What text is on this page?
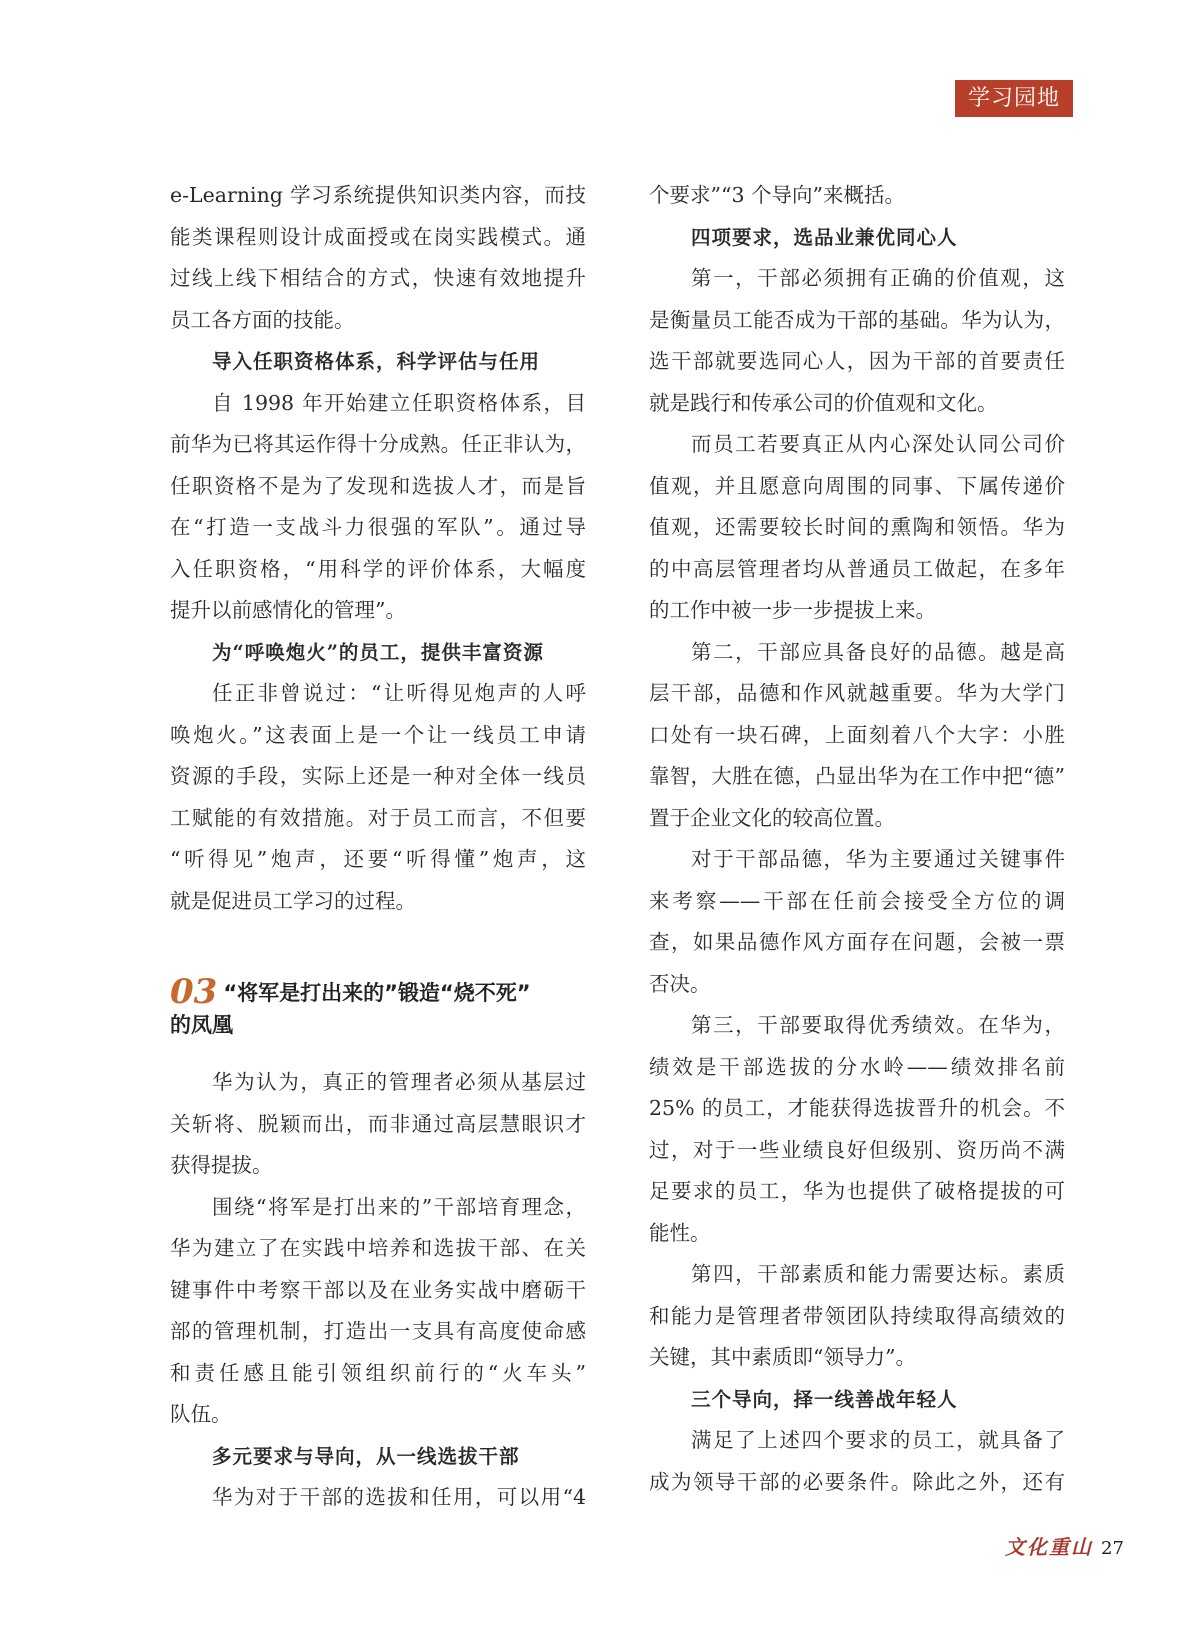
学习园地
e-Learning 学习系统提供知识类内容，而技
能类课程则设计成面授或在岗实践模式。通
过线上线下相结合的方式，快速有效地提升
员工各方面的技能。
导入任职资格体系，科学评估与任用
自 1998 年开始建立任职资格体系，目
前华为已将其运作得十分成熟。任正非认为，
任职资格不是为了发现和选拔人才，而是旨
在“打造一支战斗力很强的军队”。通过导
入任职资格，“用科学的评价体系，大幅度
提升以前感情化的管理”。
为“呼唤炮火”的员工，提供丰富资源
任正非曾说过：“让听得见炮声的人呼
唤炮火。”这表面上是一个让一线员工申请
资源的手段，实际上还是一种对全体一线员
工赋能的有效措施。对于员工而言，不但要
“听得见”炮声，还要“听得懂”炮声，这
就是促进员工学习的过程。
03 “将军是打出来的”锻造“烧不死”
的凤凰
华为认为，真正的管理者必须从基层过
关斩将、脱颖而出，而非通过高层慧眼识才
获得提拔。
围绕“将军是打出来的”干部培育理念，
华为建立了在实践中培养和选拔干部、在关
键事件中考察干部以及在业务实战中磨砺干
部的管理机制，打造出一支具有高度使命感
和责任感且能引领组织前行的“火车头”
队伍。
多元要求与导向，从一线选拔干部
华为对于干部的选拔和任用，可以用“4
个要求”“3 个导向”来概括。
四项要求，选品业兼优同心人
第一，干部必须拥有正确的价值观，这
是衡量员工能否成为干部的基础。华为认为，
选干部就要选同心人，因为干部的首要责任
就是践行和传承公司的价值观和文化。
而员工若要真正从内心深处认同公司价
值观，并且愿意向周围的同事、下属传递价
值观，还需要较长时间的熏陶和领悟。华为
的中高层管理者均从普通员工做起，在多年
的工作中被一步一步提拔上来。
第二，干部应具备良好的品德。越是高
层干部，品德和作风就越重要。华为大学门
口处有一块石碑，上面刻着八个大字：小胜
靠智，大胜在德，凸显出华为在工作中把“德”
置于企业文化的较高位置。
对于干部品德，华为主要通过关键事件
来考察——干部在任前会接受全方位的调
查，如果品德作风方面存在问题，会被一票
否决。
第三，干部要取得优秀绩效。在华为，
绩效是干部选拔的分水岭——绩效排名前
25% 的员工，才能获得选拔晋升的机会。不
过，对于一些业绩良好但级别、资历尚不满
足要求的员工，华为也提供了破格提拔的可
能性。
第四，干部素质和能力需要达标。素质
和能力是管理者带领团队持续取得高绩效的
关键，其中素质即“领导力”。
三个导向，择一线善战年轻人
满足了上述四个要求的员工，就具备了
成为领导干部的必要条件。除此之外，还有
文化重山 27
